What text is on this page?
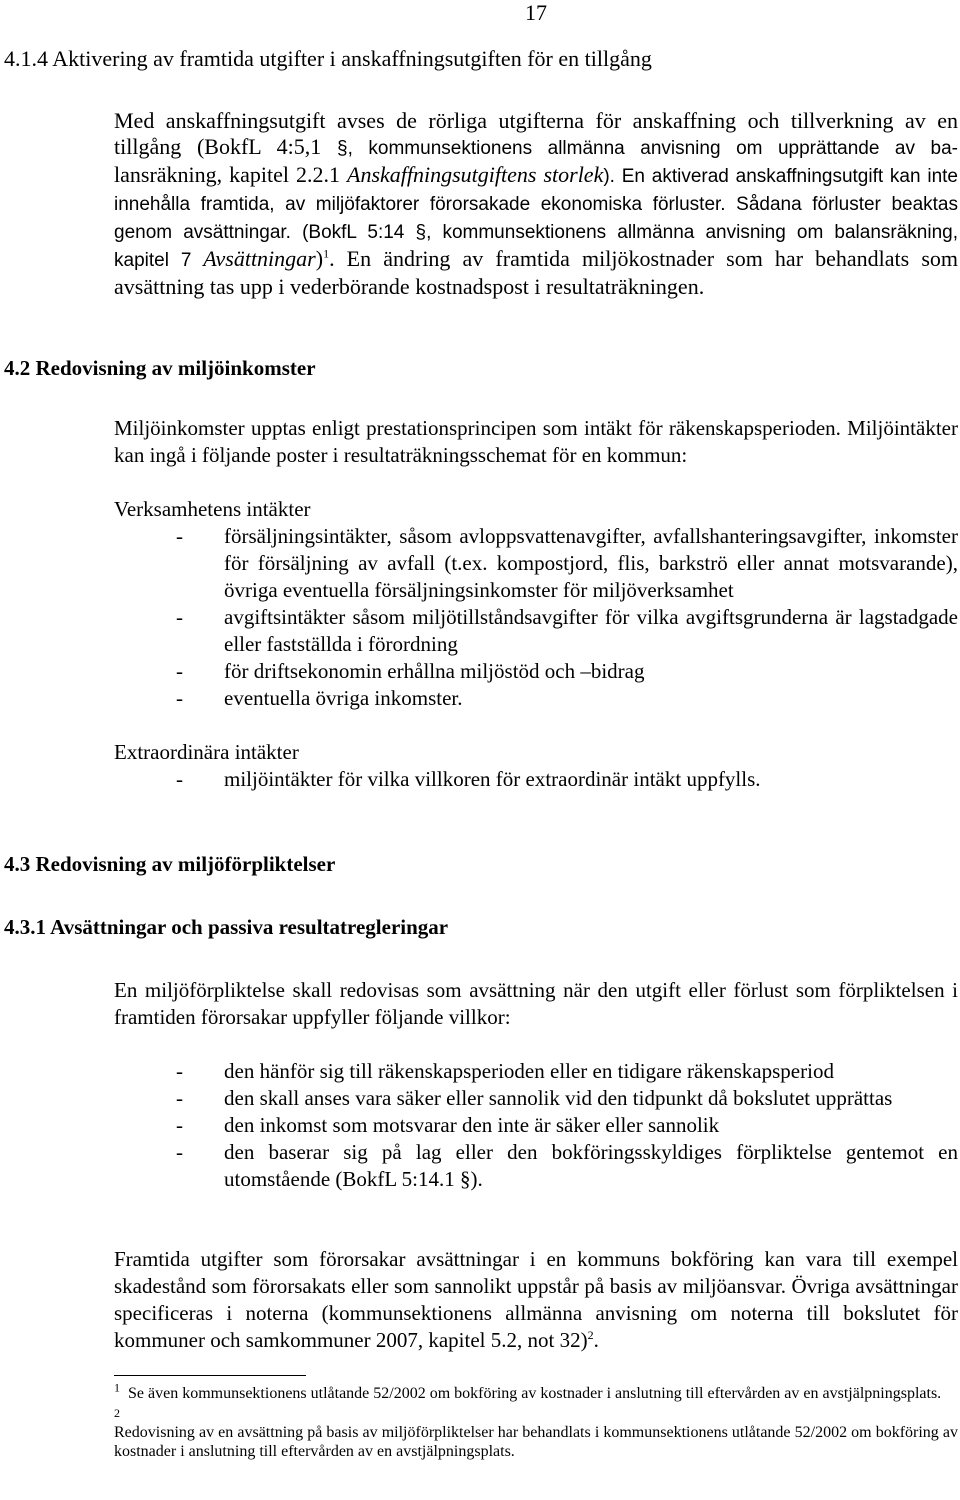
17
4.1.4 Aktivering av framtida utgifter i anskaffningsutgiften för en tillgång

Med anskaffningsutgift avses de rörliga utgifterna för anskaffning och tillverkning av en tillgång (BokfL 4:5,1 §, kommunsektionens allmänna anvisning om upprättande av ba- lansräkning, kapitel 2.2.1 Anskaffningsutgiftens storlek). En aktiverad anskaffningsutgift kan inte innehålla framtida, av miljöfaktorer förorsakade ekonomiska förluster. Sådana förluster beaktas genom avsättningar. (BokfL 5:14 §, kommunsektionens allmänna anvisning om balansräkning, kapitel 7 Avsättningar)$^1$. En ändring av framtida miljökostnader som har behandlats som avsättning tas upp i vederbörande kostnadspost i resultaträkningen.

4.2 Redovisning av miljöinkomster

Miljöinkomster upptas enligt prestationsprincipen som intäkt för räkenskapsperioden. Miljöintäkter kan ingå i följande poster i resultaträkningsschemat för en kommun:

Verksamhetens intäkter

- försäljningsintäkter, såsom avloppsvattenavgifter, avfallshanteringsavgifter, inkomster för försäljning av avfall (t.ex. kompostjord, flis, barkströ eller annat motsvarande), övriga eventuella försäljningsinkomster för miljöverksamhet
- avgiftsintäkter såsom miljötillståndsavgifter för vilka avgiftsgrunderna är lagstadgade eller fastställda i förordning
- för driftsekonomin erhållna miljöstöd och –bidrag
- eventuella övriga inkomster.

Extraordinära intäkter

- miljöintäkter för vilka villkoren för extraordinär intäkt uppfylls.
4.3 Redovisning av miljöförpliktelser
4.3.1 Avsättningar och passiva resultatregleringar

En miljöförpliktelse skall redovisas som avsättning när den utgift eller förlust som förpliktelsen i framtiden förorsakar uppfyller följande villkor:

- den hänför sig till räkenskapsperioden eller en tidigare räkenskapsperiod
- den skall anses vara säker eller sannolik vid den tidpunkt då bokslutet upprättas
- den inkomst som motsvarar den inte är säker eller sannolik
- den baserar sig på lag eller den bokföringsskyldiges förpliktelse gentemot en utomstående (BokfL 5:14.1 §).

Framtida utgifter som förorsakar avsättningar i en kommuns bokföring kan vara till exempel skadestånd som förorsakats eller som sannolikt uppstår på basis av miljöansvar. Övriga avsättningar specificeras i noterna (kommunsektionens allmänna anvisning om noterna till bokslutet för kommuner och samkommuner 2007, kapitel 5.2, not 32)$^2$.

$^1$ Se även kommunsektionens utlåtande 52/2002 om bokföring av kostnader i anslutning till eftervården av en avstjälpningsplats.

2

Redovisning av en avsättning på basis av miljöförpliktelser har behandlats i kommunsektionens utlåtande 52/2002 om bokföring av kostnader i anslutning till eftervården av en avstjälpningsplats.
